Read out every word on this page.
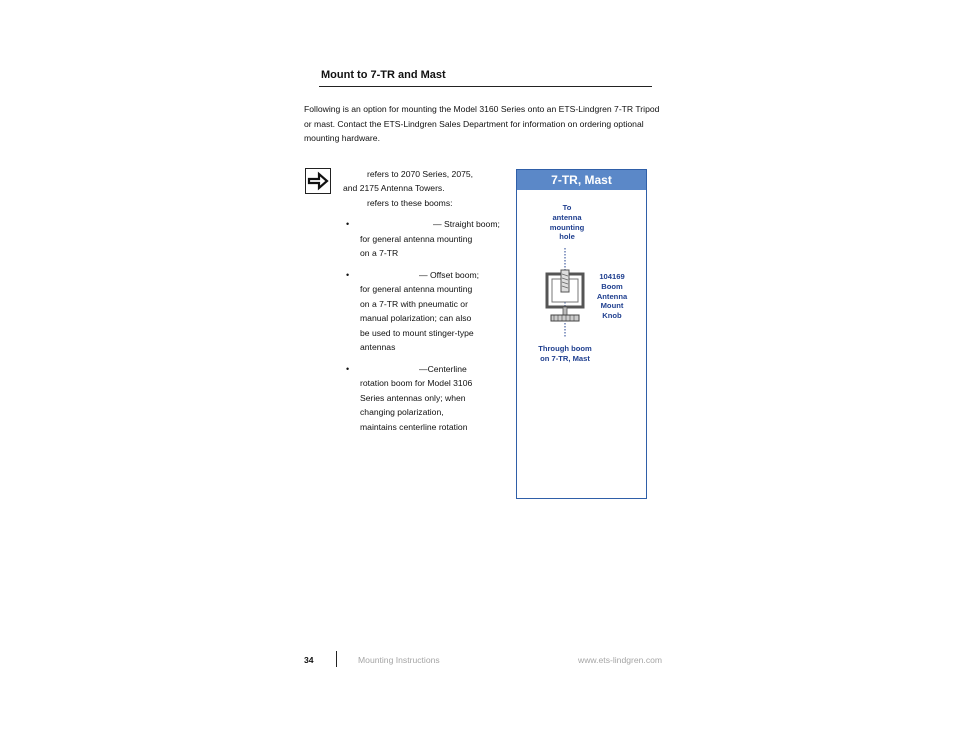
Mount to 7-TR and Mast
Following is an option for mounting the Model 3160 Series onto an ETS-Lindgren 7-TR Tripod or mast. Contact the ETS-Lindgren Sales Department for information on ordering optional mounting hardware.
refers to 2070 Series, 2075,
and 2175 Antenna Towers.
refers to these booms:
•	— Straight boom;
for general antenna mounting
on a 7-TR
•	— Offset boom;
for general antenna mounting
on a 7-TR with pneumatic or
manual polarization; can also
be used to mount stinger-type
antennas
•	—Centerline
rotation boom for Model 3106
Series antennas only; when
changing polarization,
maintains centerline rotation
7-TR, Mast
To
antenna
mounting
hole
104169
Boom
Antenna
Mount
Knob
Through boom
on 7-TR, Mast
34	Mounting Instructions	www.ets-lindgren.com
